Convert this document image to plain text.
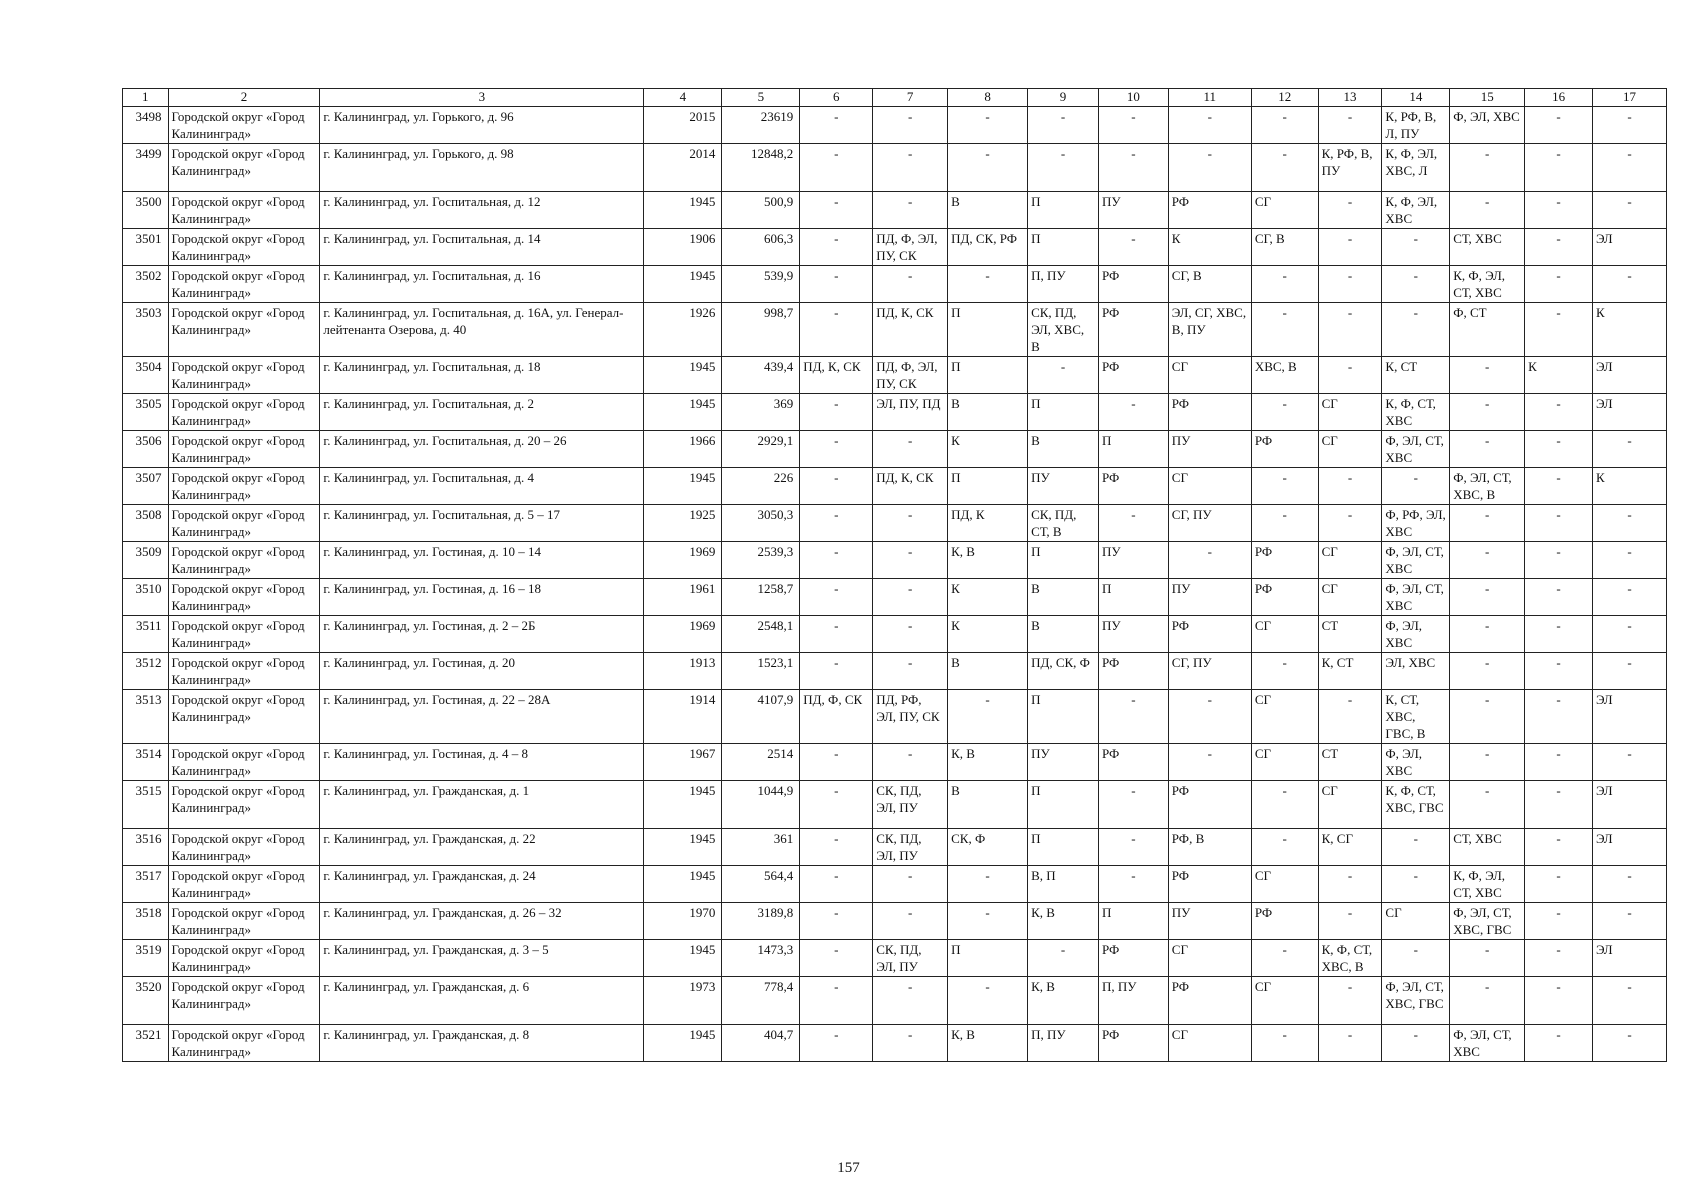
1	2	3	4	5	6	7	8	9	10	11	12	13	14	15	16	17
3498	Городской округ «Город Калининград»	г. Калининград, ул. Горького, д. 96	2015	23619	-	-	-	-	-	-	-	-	К, РФ, В, Л, ПУ	Ф, ЭЛ, ХВС	-	-
3499	Городской округ «Город Калининград»	г. Калининград, ул. Горького, д. 98	2014	12848,2	-	-	-	-	-	-	-	К, РФ, В, ПУ	К, Ф, ЭЛ, ХВС, Л	-	-	-
3500	Городской округ «Город Калининград»	г. Калининград, ул. Госпитальная, д. 12	1945	500,9	-	-	В	П	ПУ	РФ	СГ	-	К, Ф, ЭЛ, ХВС	-	-	-
3501	Городской округ «Город Калининград»	г. Калининград, ул. Госпитальная, д. 14	1906	606,3	-	ПД, Ф, ЭЛ, ПУ, СК	ПД, СК, РФ	П	-	К	СГ, В	-	-	СТ, ХВС	-	ЭЛ
3502	Городской округ «Город Калининград»	г. Калининград, ул. Госпитальная, д. 16	1945	539,9	-	-	-	П, ПУ	РФ	СГ, В	-	-	-	К, Ф, ЭЛ, СТ, ХВС	-	-
3503	Городской округ «Город Калининград»	г. Калининград, ул. Госпитальная, д. 16А, ул. Генерал-лейтенанта Озерова, д. 40	1926	998,7	-	ПД, К, СК	П	СК, ПД, ЭЛ, ХВС, В	РФ	ЭЛ, СГ, ХВС, В, ПУ	-	-	-	Ф, СТ	-	К
3504	Городской округ «Город Калининград»	г. Калининград, ул. Госпитальная, д. 18	1945	439,4	ПД, К, СК	ПД, Ф, ЭЛ, ПУ, СК	П	-	РФ	СГ	ХВС, В	-	К, СТ	-	К	ЭЛ
3505	Городской округ «Город Калининград»	г. Калининград, ул. Госпитальная, д. 2	1945	369	-	ЭЛ, ПУ, ПД	В	П	-	РФ	-	СГ	К, Ф, СТ, ХВС	-	-	ЭЛ
3506	Городской округ «Город Калининград»	г. Калининград, ул. Госпитальная, д. 20 – 26	1966	2929,1	-	-	К	В	П	ПУ	РФ	СГ	Ф, ЭЛ, СТ, ХВС	-	-	-
3507	Городской округ «Город Калининград»	г. Калининград, ул. Госпитальная, д. 4	1945	226	-	ПД, К, СК	П	ПУ	РФ	СГ	-	-	-	Ф, ЭЛ, СТ, ХВС, В	-	К
3508	Городской округ «Город Калининград»	г. Калининград, ул. Госпитальная, д. 5 – 17	1925	3050,3	-	-	ПД, К	СК, ПД, СТ, В	-	СГ, ПУ	-	-	Ф, РФ, ЭЛ, ХВС	-	-	-
3509	Городской округ «Город Калининград»	г. Калининград, ул. Гостиная, д. 10 – 14	1969	2539,3	-	-	К, В	П	ПУ	-	РФ	СГ	Ф, ЭЛ, СТ, ХВС	-	-	-
3510	Городской округ «Город Калининград»	г. Калининград, ул. Гостиная, д. 16 – 18	1961	1258,7	-	-	К	В	П	ПУ	РФ	СГ	Ф, ЭЛ, СТ, ХВС	-	-	-
3511	Городской округ «Город Калининград»	г. Калининград, ул. Гостиная, д. 2 – 2Б	1969	2548,1	-	-	К	В	ПУ	РФ	СГ	СТ	Ф, ЭЛ, ХВС	-	-	-
3512	Городской округ «Город Калининград»	г. Калининград, ул. Гостиная, д. 20	1913	1523,1	-	-	В	ПД, СК, Ф	РФ	СГ, ПУ	-	К, СТ	ЭЛ, ХВС	-	-	-
3513	Городской округ «Город Калининград»	г. Калининград, ул. Гостиная, д. 22 – 28А	1914	4107,9	ПД, Ф, СК	ПД, РФ, ЭЛ, ПУ, СК	-	П	-	-	СГ	-	К, СТ, ХВС, ГВС, В	-	-	ЭЛ
3514	Городской округ «Город Калининград»	г. Калининград, ул. Гостиная, д. 4 – 8	1967	2514	-	-	К, В	ПУ	РФ	-	СГ	СТ	Ф, ЭЛ, ХВС	-	-	-
3515	Городской округ «Город Калининград»	г. Калининград, ул. Гражданская, д. 1	1945	1044,9	-	СК, ПД, ЭЛ, ПУ	В	П	-	РФ	-	СГ	К, Ф, СТ, ХВС, ГВС	-	-	ЭЛ
3516	Городской округ «Город Калининград»	г. Калининград, ул. Гражданская, д. 22	1945	361	-	СК, ПД, ЭЛ, ПУ	СК, Ф	П	-	РФ, В	-	К, СГ	-	СТ, ХВС	-	ЭЛ
3517	Городской округ «Город Калининград»	г. Калининград, ул. Гражданская, д. 24	1945	564,4	-	-	-	В, П	-	РФ	СГ	-	-	К, Ф, ЭЛ, СТ, ХВС	-	-
3518	Городской округ «Город Калининград»	г. Калининград, ул. Гражданская, д. 26 – 32	1970	3189,8	-	-	-	К, В	П	ПУ	РФ	-	СГ	Ф, ЭЛ, СТ, ХВС, ГВС	-	-
3519	Городской округ «Город Калининград»	г. Калининград, ул. Гражданская, д. 3 – 5	1945	1473,3	-	СК, ПД, ЭЛ, ПУ	П	-	РФ	СГ	-	К, Ф, СТ, ХВС, В	-	-	-	ЭЛ
3520	Городской округ «Город Калининград»	г. Калининград, ул. Гражданская, д. 6	1973	778,4	-	-	-	К, В	П, ПУ	РФ	СГ	-	Ф, ЭЛ, СТ, ХВС, ГВС	-	-	-
3521	Городской округ «Город Калининград»	г. Калининград, ул. Гражданская, д. 8	1945	404,7	-	-	К, В	П, ПУ	РФ	СГ	-	-	-	Ф, ЭЛ, СТ, ХВС	-	-
157
